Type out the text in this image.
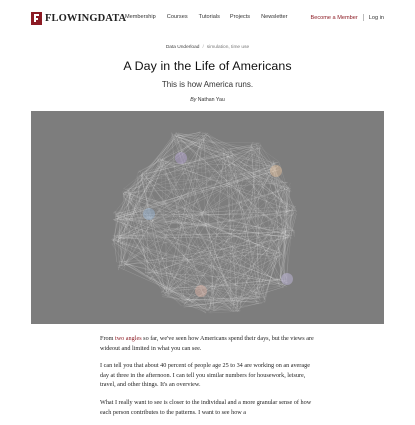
FLOWINGDATA
Membership Courses Tutorials Projects Newsletter	Become a Member Log in
Data Underload / simulation, time use
A Day in the Life of Americans
This is how America runs.
By Nathan Yau

From two angles so far, we've seen how Americans spend their days, but the views are wideout and limited in what you can see.

I can tell you that about 40 percent of people age 25 to 34 are working on an average day at three in the afternoon. I can tell you similar numbers for housework, leisure, travel, and other things. It's an overview.

What I really want to see is closer to the individual and a more granular sense of how each person contributes to the patterns. I want to see how a
